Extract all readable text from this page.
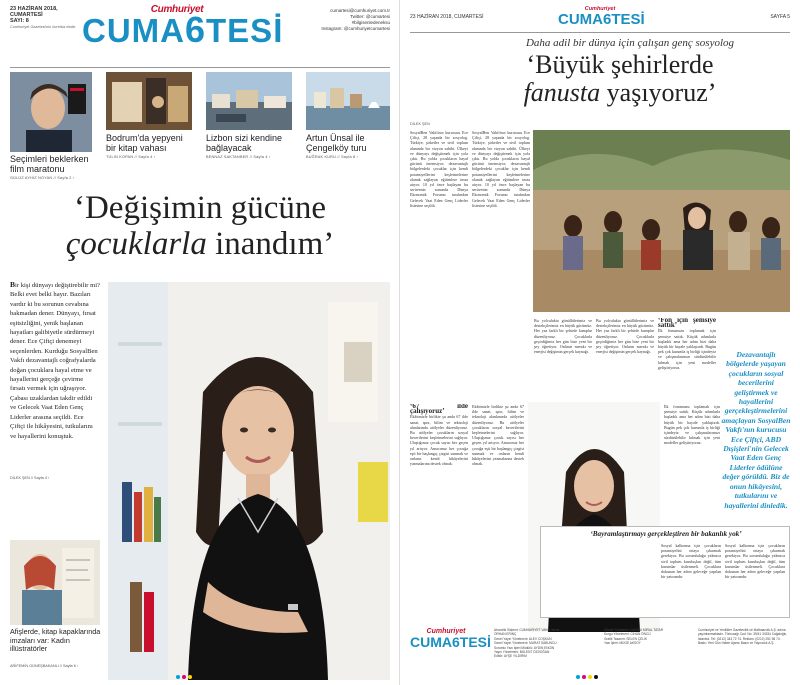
23 HAZİRAN 2018,
CUMARTESİ
SAYI: 8
Cumhuriyet Gazetesi'nin ücretsiz ekidir.
Cumhuriyet
CUMA6TESİ
cumartesi@cumhuriyet.com.tr
Twitter: @cumartesi
#bilgisenledeneksu
Instagram: @cumhuriyetcumartesi
Seçimleri beklerken film maratonu
GÜLÜZ AYHIZ NOYAN // Sayfa 2 ›
Bodrum'da yepyeni bir kitap vahası
TÜLİN KOPAN // Sayfa 4 ›
Lizbon sizi kendine bağlayacak
BENNAZ SAKTANBER // Sayfa 4 ›
Artun Ünsal ile Çengelköy turu
BUĞRAK KURU // Sayfa 8 ›
‘Değişimin gücüne
çocuklarla inandım’
Bir kişi dünyayı değiştirebilir mi? Belki evet belki hayır. Bazıları vardır ki bu sorunun cevabına bakmadan dener. Dünyayı, fırsat eşitsizliğini, yenik başlanan hayatları galibiyetle sürdürmeyi dener. Ece Çiftçi denemeyi seçenlerden. Kurduğu SosyalBen Vakfı dezavantajlı coğrafyalarda doğan çocuklara hayal etme ve hayallerini gerçeğe çevirme fırsatı vermek için uğraşıyor. Çabası uzaklardan takdir edildi ve Gelecek Vaat Eden Genç Liderler arasına seçildi. Ece Çiftçi ile hikâyesini, tutkularını ve hayallerini konuştuk.
DİLEK ŞEN // Sayfa 4 ›
Afişlerde, kitap kapaklarında imzaları var: Kadın illüstratörler
ARİFEMİN GÜNEŞBAKANLI // Sayfa 6 ›
23 HAZİRAN 2018, CUMARTESİ
Cumhuriyet
CUMA6TESİ	SAYFA 5
Daha adil bir dünya için çalışan genç sosyolog
‘Büyük şehirlerde
fanusta yaşıyoruz’
DİLEK ŞEN
SosyalBen Vakfı'nın kurucusu Ece Çiftçi, 28 yaşında bir sosyolog. Türkiye, şirketler ve sivil toplum alanında bir vizyon sahibi. Ülkeyi ve dünyayı değiştirmek için yola çıktı. Bu yolda çocukların hayal gücünü önemsiyor; dezavantajlı bölgelerdeki çocuklar için kendi potansiyellerini keşfetmelerine olanak sağlayan eğitimlere imza atıyor. 10 yıl önce başlayan bu serüvenin sonunda Dünya Ekonomik Forumu tarafından Gelecek Vaat Eden Genç Liderler listesine seçildi.
SosyalBen Vakfı'nın kurucusu Ece Çiftçi, 28 yaşında bir sosyolog. Türkiye, şirketler ve sivil toplum alanında bir vizyon sahibi. Ülkeyi ve dünyayı değiştirmek için yola çıktı. Bu yolda çocukların hayal gücünü önemsiyor; dezavantajlı bölgelerdeki çocuklar için kendi potansiyellerini keşfetmelerine olanak sağlayan eğitimlere imza atıyor. 10 yıl önce başlayan bu serüvenin sonunda Dünya Ekonomik Forumu tarafından Gelecek Vaat Eden Genç Liderler listesine seçildi.
Bu yolculukta gönüllülerimiz ve destekçilerimiz en büyük gücümüz. Her yaz farklı bir şehirde kamplar düzenliyoruz. Çocuklarla geçirdiğimiz her gün bize yeni bir şey öğretiyor. Onların merakı ve enerjisi değişimin gerçek kaynağı.
Bu yolculukta gönüllülerimiz ve destekçilerimiz en büyük gücümüz. Her yaz farklı bir şehirde kamplar düzenliyoruz. Çocuklarla geçirdiğimiz her gün bize yeni bir şey öğretiyor. Onların merakı ve enerjisi değişimin gerçek kaynağı.
‘Fon için şemsiye sattık’
İlk fonumuzu toplamak için şemsiye sattık. Küçük adımlarla başladık ama her adım bizi daha büyük bir hayale yaklaştırdı. Bugün pek çok kurumla iş birliği içindeyiz ve çalışmalarımızı sürdürülebilir kılmak için yeni modeller geliştiriyoruz.
Dezavantajlı bölgelerde yaşayan çocukların sosyal becerilerini geliştirmek ve hayallerini gerçekleştirmelerini amaçlayan SosyalBen Vakfı'nın kurucusu Ece Çiftçi, ABD Dışişleri'nin Gelecek Vaat Eden Genç Liderler ödülüne değer görüldü. Biz de onun hikâyesini, tutkularını ve hayallerini dinledik.
‘67 ilde çalışıyoruz’
Ekibimizle birlikte şu anda 67 ilde sanat, spor, bilim ve teknoloji alanlarında atölyeler düzenliyoruz. Bu atölyeler çocukların sosyal becerilerini keşfetmelerini sağlıyor. Ulaştığımız çocuk sayısı her geçen yıl artıyor. Amacımız her çocuğa eşit bir başlangıç çizgisi sunmak ve onların kendi hikâyelerini yazmalarına destek olmak.
Ekibimizle birlikte şu anda 67 ilde sanat, spor, bilim ve teknoloji alanlarında atölyeler düzenliyoruz. Bu atölyeler çocukların sosyal becerilerini keşfetmelerini sağlıyor. Ulaştığımız çocuk sayısı her geçen yıl artıyor. Amacımız her çocuğa eşit bir başlangıç çizgisi sunmak ve onların kendi hikâyelerini yazmalarına destek olmak.
İlk fonumuzu toplamak için şemsiye sattık. Küçük adımlarla başladık ama her adım bizi daha büyük bir hayale yaklaştırdı. Bugün pek çok kurumla iş birliği içindeyiz ve çalışmalarımızı sürdürülebilir kılmak için yeni modeller geliştiriyoruz.
‘Bayramlaştırmayı gerçekleştiren bir bakanlık yok’
Sosyal kalkınma için çocukların potansiyelini ortaya çıkarmak gerekiyor. Bu sorumluluğu yalnızca sivil toplum kuruluşları değil, tüm kurumlar üstlenmeli. Çocuklara dokunan her adım geleceğe yapılan bir yatırımdır.
Sosyal kalkınma için çocukların potansiyelini ortaya çıkarmak gerekiyor. Bu sorumluluğu yalnızca sivil toplum kuruluşları değil, tüm kurumlar üstlenmeli. Çocuklara dokunan her adım geleceğe yapılan bir yatırımdır.
Cumhuriyet
CUMA6TESİ
Abonelik Sistemi: CUMHURİYET VAKFI adına
ORHAN ERİNÇ
Genel Yayın Yönetmeni: ALEV COŞKUN
Genel Yayın Yönetmeni: MURAT SABUNCU
Sorumlu Yazı İşleri Müdürü: AYDIN ENGİN
Yayın Yönetmeni: BÜLENT ÖZDOĞAN
Editör: AYŞE YILDIRIM
Görsel Yönetmen: DUYGU MİRAL TATAR
Kurgu Yönetmeni: CİHAN ÖNCÜ
Grafik Tasarım: SELEN ÇELİK
Yazı İşleri: MÜGE AKSOY
Cumhuriyet ve Yenilikler Gazetecilik ve Matbaacılık A.Ş. adına yayımlanmaktadır. Türkocağı Cad. No: 39/41 34334 Cağaloğlu, İstanbul. Tel: (0212) 343 72 74. Reklam: (0212) 251 98 74. Baskı: Yeni Gün Haber Ajansı Basın ve Yayıncılık A.Ş.
